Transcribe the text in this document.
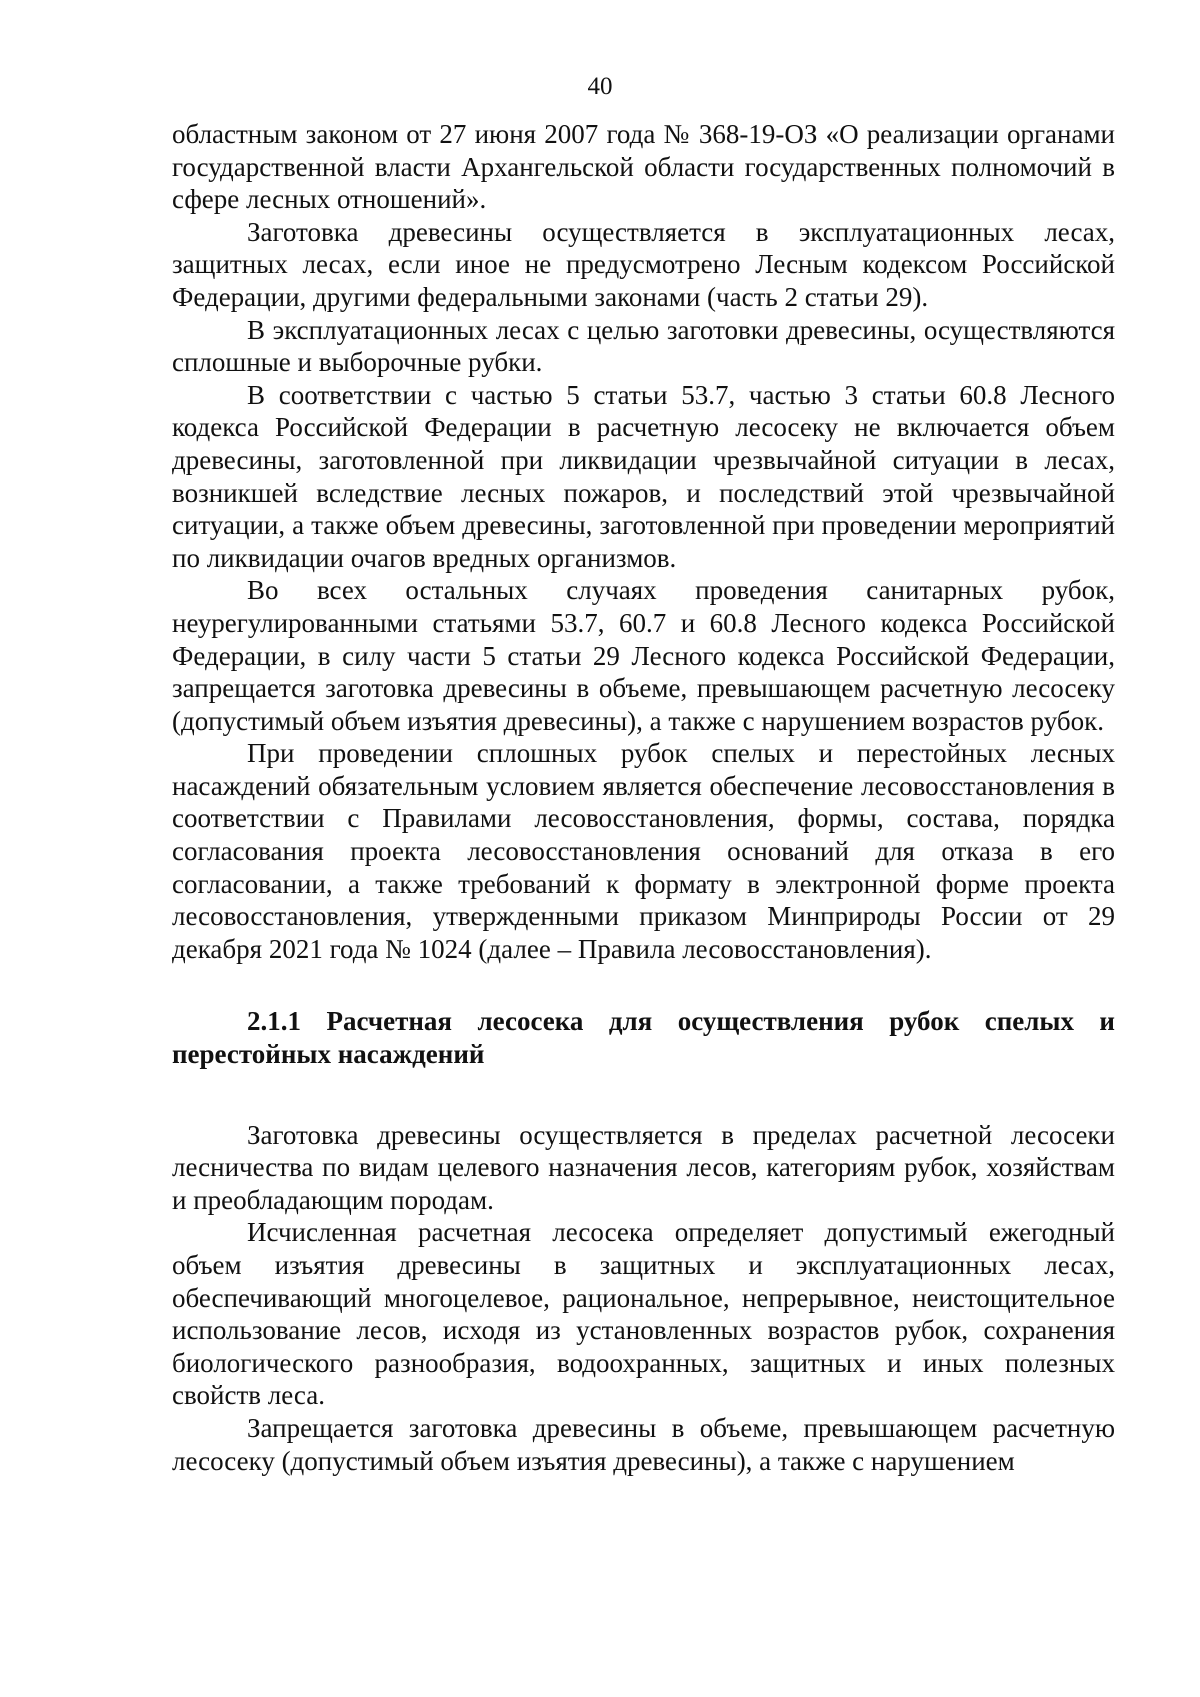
40

областным законом от 27 июня 2007 года № 368-19-ОЗ «О реализации органами государственной власти Архангельской области государственных полномочий в сфере лесных отношений».

Заготовка древесины осуществляется в эксплуатационных лесах, защитных лесах, если иное не предусмотрено Лесным кодексом Российской Федерации, другими федеральными законами (часть 2 статьи 29).

В эксплуатационных лесах с целью заготовки древесины, осуществляются сплошные и выборочные рубки.

В соответствии с частью 5 статьи 53.7, частью 3 статьи 60.8 Лесного кодекса Российской Федерации в расчетную лесосеку не включается объем древесины, заготовленной при ликвидации чрезвычайной ситуации в лесах, возникшей вследствие лесных пожаров, и последствий этой чрезвычайной ситуации, а также объем древесины, заготовленной при проведении мероприятий по ликвидации очагов вредных организмов.

Во всех остальных случаях проведения санитарных рубок, неурегулированными статьями 53.7, 60.7 и 60.8 Лесного кодекса Российской Федерации, в силу части 5 статьи 29 Лесного кодекса Российской Федерации, запрещается заготовка древесины в объеме, превышающем расчетную лесосеку (допустимый объем изъятия древесины), а также с нарушением возрастов рубок.

При проведении сплошных рубок спелых и перестойных лесных насаждений обязательным условием является обеспечение лесовосстановления в соответствии с Правилами лесовосстановления, формы, состава, порядка согласования проекта лесовосстановления оснований для отказа в его согласовании, а также требований к формату в электронной форме проекта лесовосстановления, утвержденными приказом Минприроды России от 29 декабря 2021 года № 1024 (далее – Правила лесовосстановления).

2.1.1 Расчетная лесосека для осуществления рубок спелых и перестойных насаждений

Заготовка древесины осуществляется в пределах расчетной лесосеки лесничества по видам целевого назначения лесов, категориям рубок, хозяйствам и преобладающим породам.

Исчисленная расчетная лесосека определяет допустимый ежегодный объем изъятия древесины в защитных и эксплуатационных лесах, обеспечивающий многоцелевое, рациональное, непрерывное, неистощительное использование лесов, исходя из установленных возрастов рубок, сохранения биологического разнообразия, водоохранных, защитных и иных полезных свойств леса.

Запрещается заготовка древесины в объеме, превышающем расчетную лесосеку (допустимый объем изъятия древесины), а также с нарушением
